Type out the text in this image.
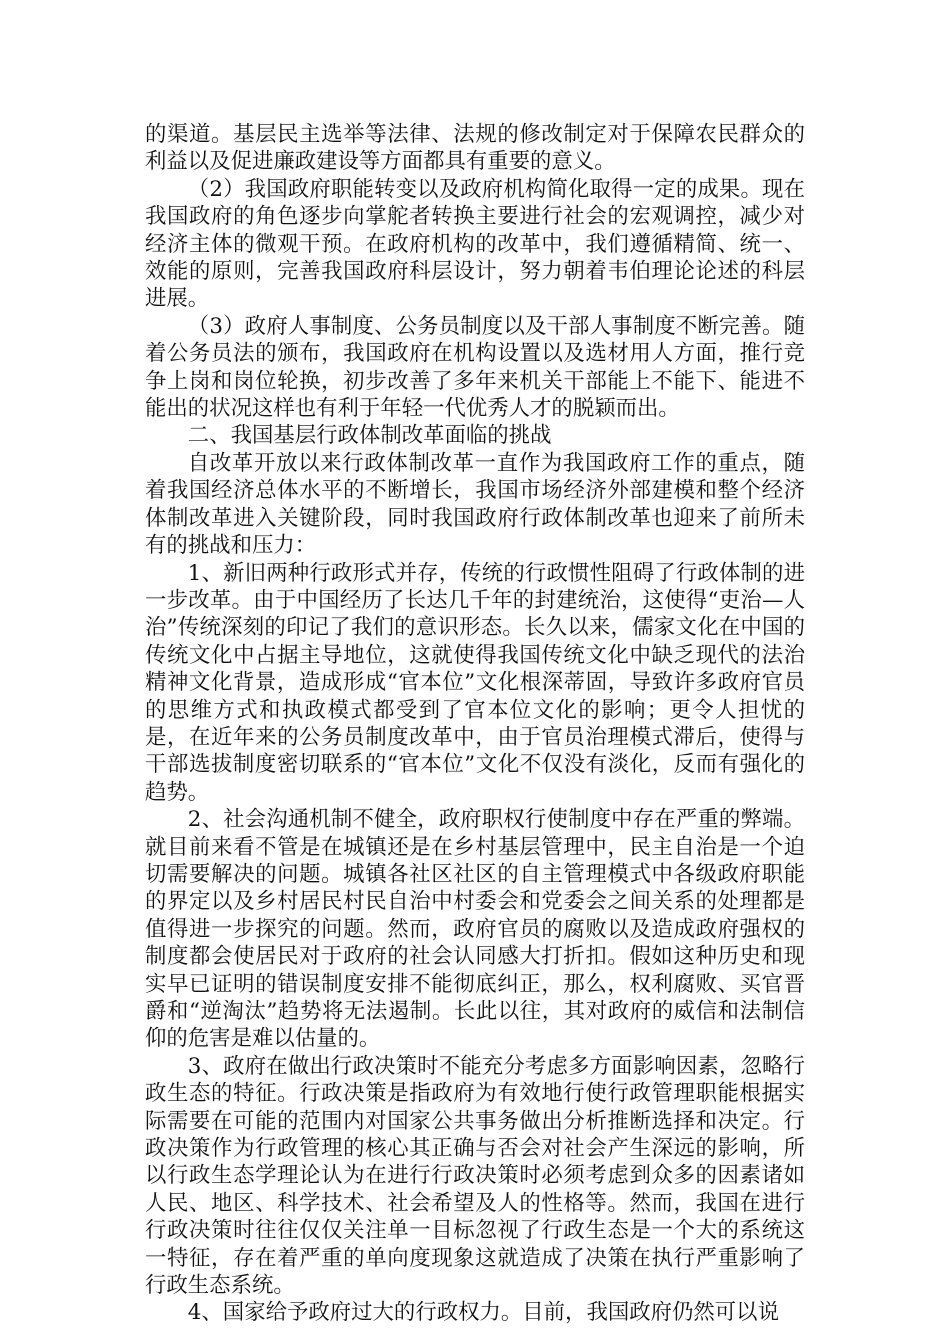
的渠道。基层民主选举等法律、法规的修改制定对于保障农民群众的利益以及促进廉政建设等方面都具有重要的意义。

（2）我国政府职能转变以及政府机构简化取得一定的成果。现在我国政府的角色逐步向掌舵者转换主要进行社会的宏观调控，减少对经济主体的微观干预。在政府机构的改革中，我们遵循精简、统一、效能的原则，完善我国政府科层设计，努力朝着韦伯理论论述的科层进展。

（3）政府人事制度、公务员制度以及干部人事制度不断完善。随着公务员法的颁布，我国政府在机构设置以及选材用人方面，推行竞争上岗和岗位轮换，初步改善了多年来机关干部能上不能下、能进不能出的状况这样也有利于年轻一代优秀人才的脱颖而出。

二、我国基层行政体制改革面临的挑战

自改革开放以来行政体制改革一直作为我国政府工作的重点，随着我国经济总体水平的不断增长，我国市场经济外部建模和整个经济体制改革进入关键阶段，同时我国政府行政体制改革也迎来了前所未有的挑战和压力：

1、新旧两种行政形式并存，传统的行政惯性阻碍了行政体制的进一步改革。由于中国经历了长达几千年的封建统治，这使得“吏治—人治”传统深刻的印记了我们的意识形态。长久以来，儒家文化在中国的传统文化中占据主导地位，这就使得我国传统文化中缺乏现代的法治精神文化背景，造成形成“官本位”文化根深蒂固，导致许多政府官员的思维方式和执政模式都受到了官本位文化的影响；更令人担忧的是，在近年来的公务员制度改革中，由于官员治理模式滞后，使得与干部选拔制度密切联系的“官本位”文化不仅没有淡化，反而有强化的趋势。

2、社会沟通机制不健全，政府职权行使制度中存在严重的弊端。就目前来看不管是在城镇还是在乡村基层管理中，民主自治是一个迫切需要解决的问题。城镇各社区社区的自主管理模式中各级政府职能的界定以及乡村居民村民自治中村委会和党委会之间关系的处理都是值得进一步探究的问题。然而，政府官员的腐败以及造成政府强权的制度都会使居民对于政府的社会认同感大打折扣。假如这种历史和现实早已证明的错误制度安排不能彻底纠正，那么，权利腐败、买官晋爵和“逆淘汰”趋势将无法遏制。长此以往，其对政府的威信和法制信仰的危害是难以估量的。

3、政府在做出行政决策时不能充分考虑多方面影响因素，忽略行政生态的特征。行政决策是指政府为有效地行使行政管理职能根据实际需要在可能的范围内对国家公共事务做出分析推断选择和决定。行政决策作为行政管理的核心其正确与否会对社会产生深远的影响，所以行政生态学理论认为在进行行政决策时必须考虑到众多的因素诸如人民、地区、科学技术、社会希望及人的性格等。然而，我国在进行行政决策时往往仅仅关注单一目标忽视了行政生态是一个大的系统这一特征，存在着严重的单向度现象这就造成了决策在执行严重影响了行政生态系统。

4、国家给予政府过大的行政权力。目前，我国政府仍然可以说
